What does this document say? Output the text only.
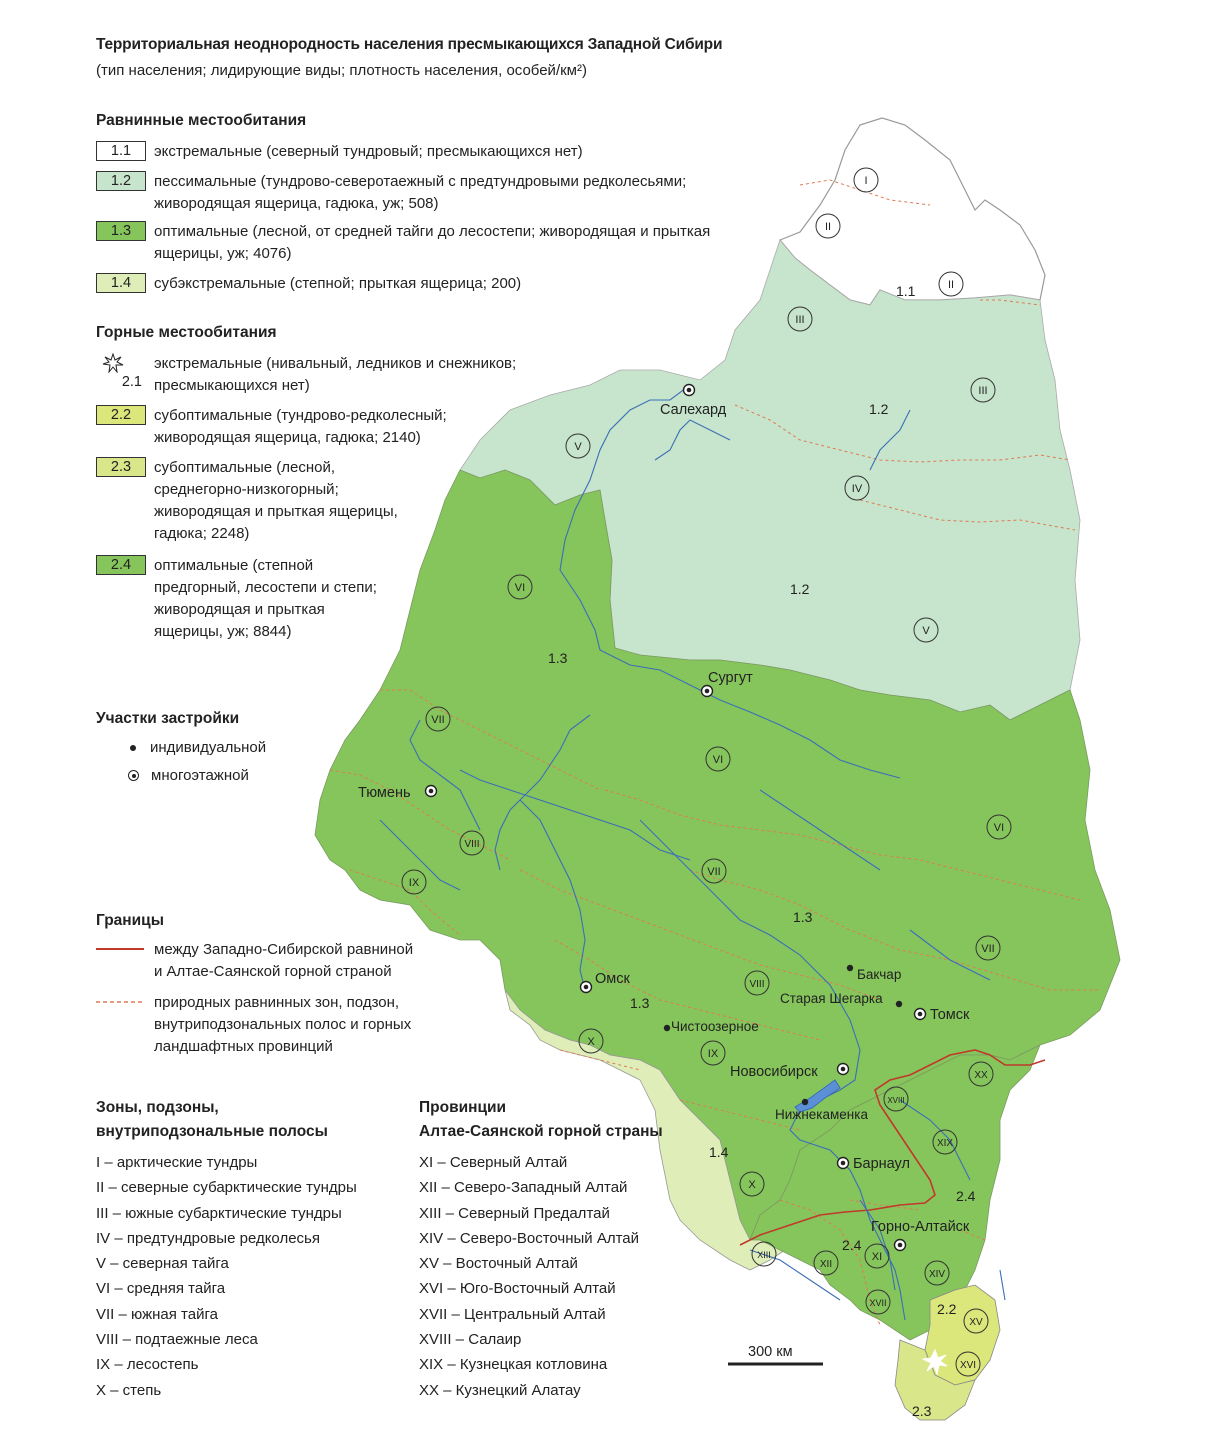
1.1
1.2
1.2
1.3
1.3
1.3
1.4
2.4
2.4
2.2
2.3
I
II
II
III
III
IV
V
V
VI
VI
VI
VII
VII
VII
VIII
VIII
IX
IX
X
X
XI
XII
XIII
XIV
XV
XVI
XVII
XVIII
XIX
XX
Салехард
Сургут
Тюмень
Омск
Томск
Новосибирск
Барнаул
Горно-Алтайск
Бакчар
Старая Шегарка
Чистоозерное
Нижнекаменка
300 км
Территориальная неоднородность населения пресмыкающихся Западной Сибири
(тип населения; лидирующие виды; плотность населения, особей/км²)
Равнинные местообитания
1.1	экстремальные (северный тундровый; пресмыкающихся нет)
1.2	пессимальные (тундрово-северотаежный с предтундровыми редколесьями;
живородящая ящерица, гадюка, уж; 508)
1.3	оптимальные (лесной, от средней тайги до лесостепи; живородящая и прыткая
ящерицы, уж; 4076)
1.4	субэкстремальные (степной; прыткая ящерица; 200)
Горные местообитания
2.1
экстремальные (нивальный, ледников и снежников;
пресмыкающихся нет)
2.2	субоптимальные (тундрово-редколесный;
живородящая ящерица, гадюка; 2140)
2.3	субоптимальные (лесной,
среднегорно-низкогорный;
живородящая и прыткая ящерицы,
гадюка; 2248)
2.4	оптимальные (степной
предгорный, лесостепи и степи;
живородящая и прыткая
ящерицы, уж; 8844)
Участки застройки
индивидуальной
многоэтажной
Границы
между Западно-Сибирской равниной
и Алтае-Саянской горной страной
природных равнинных зон, подзон,
внутриподзональных полос и горных
ландшафтных провинций
Зоны, подзоны,
внутриподзональные полосы
I – арктические тундры
II – северные субарктические тундры
III – южные субарктические тундры
IV – предтундровые редколесья
V – северная тайга
VI – средняя тайга
VII – южная тайга
VIII – подтаежные леса
IX – лесостепь
X – степь
Провинции
Алтае-Саянской горной страны
XI – Северный Алтай
XII – Северо-Западный Алтай
XIII – Северный Предалтай
XIV – Северо-Восточный Алтай
XV – Восточный Алтай
XVI – Юго-Восточный Алтай
XVII – Центральный Алтай
XVIII – Салаир
XIX – Кузнецкая котловина
XX – Кузнецкий Алатау
